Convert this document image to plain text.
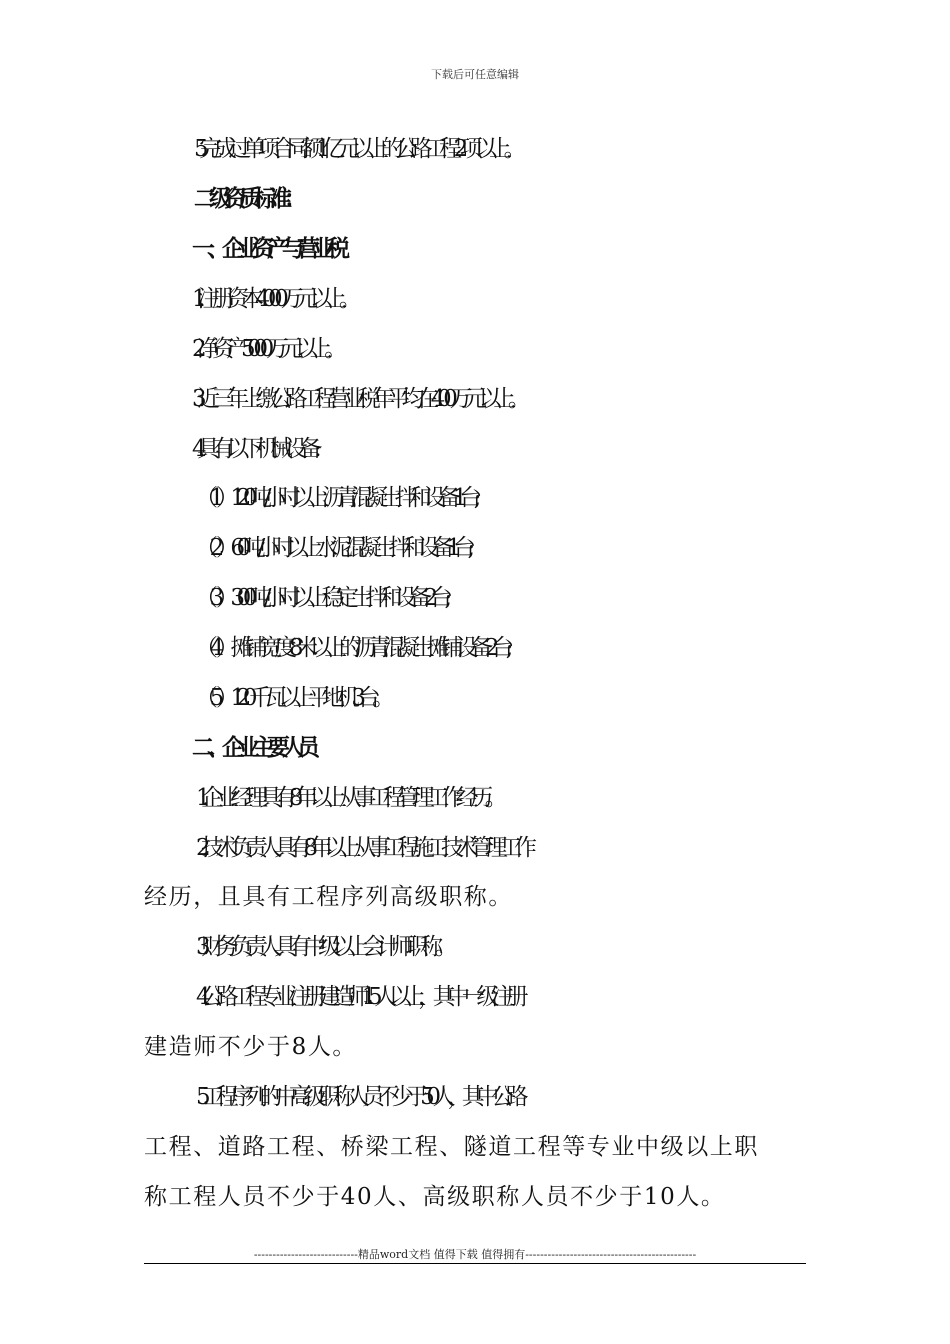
下载后可任意编辑
5.完成过单项合同额1亿元以上的公路工程2项以上。
二级资质标准：
一、企业资产与营业税
1.注册资本4000万元以上。
2.净资产5000万元以上。
3.近三年上缴公路工程营业税年平均在400万元以上。
4.具有以下机械设备:
（1）120吨/小时以上沥青混凝土拌和设备1台;
（2）60吨/小时以上水泥混凝土拌和设备1台;
（3）300吨/小时以上稳定土拌和设备2台;
（4）摊铺宽度8米以上的沥青混凝土摊铺设备2台;
（5）120千瓦以上平地机3台。
二、企业主要人员
1.企业经理具有8年以上从事工程管理工作经历。
2.技术负责人具有8年以上从事工程施工技术管理工作
经历，且具有工程序列高级职称。
3.财务负责人具有中级以上会计师职称。
4.公路工程专业注册建造师15人以上，其中一级注册
建造师不少于8人。
5.工程序列的中高级职称人员不少于50人，其中公路
工程、道路工程、桥梁工程、隧道工程等专业中级以上职
称工程人员不少于40人、高级职称人员不少于10人。
----------------------------精品word文档 值得下载 值得拥有----------------------------------------------
